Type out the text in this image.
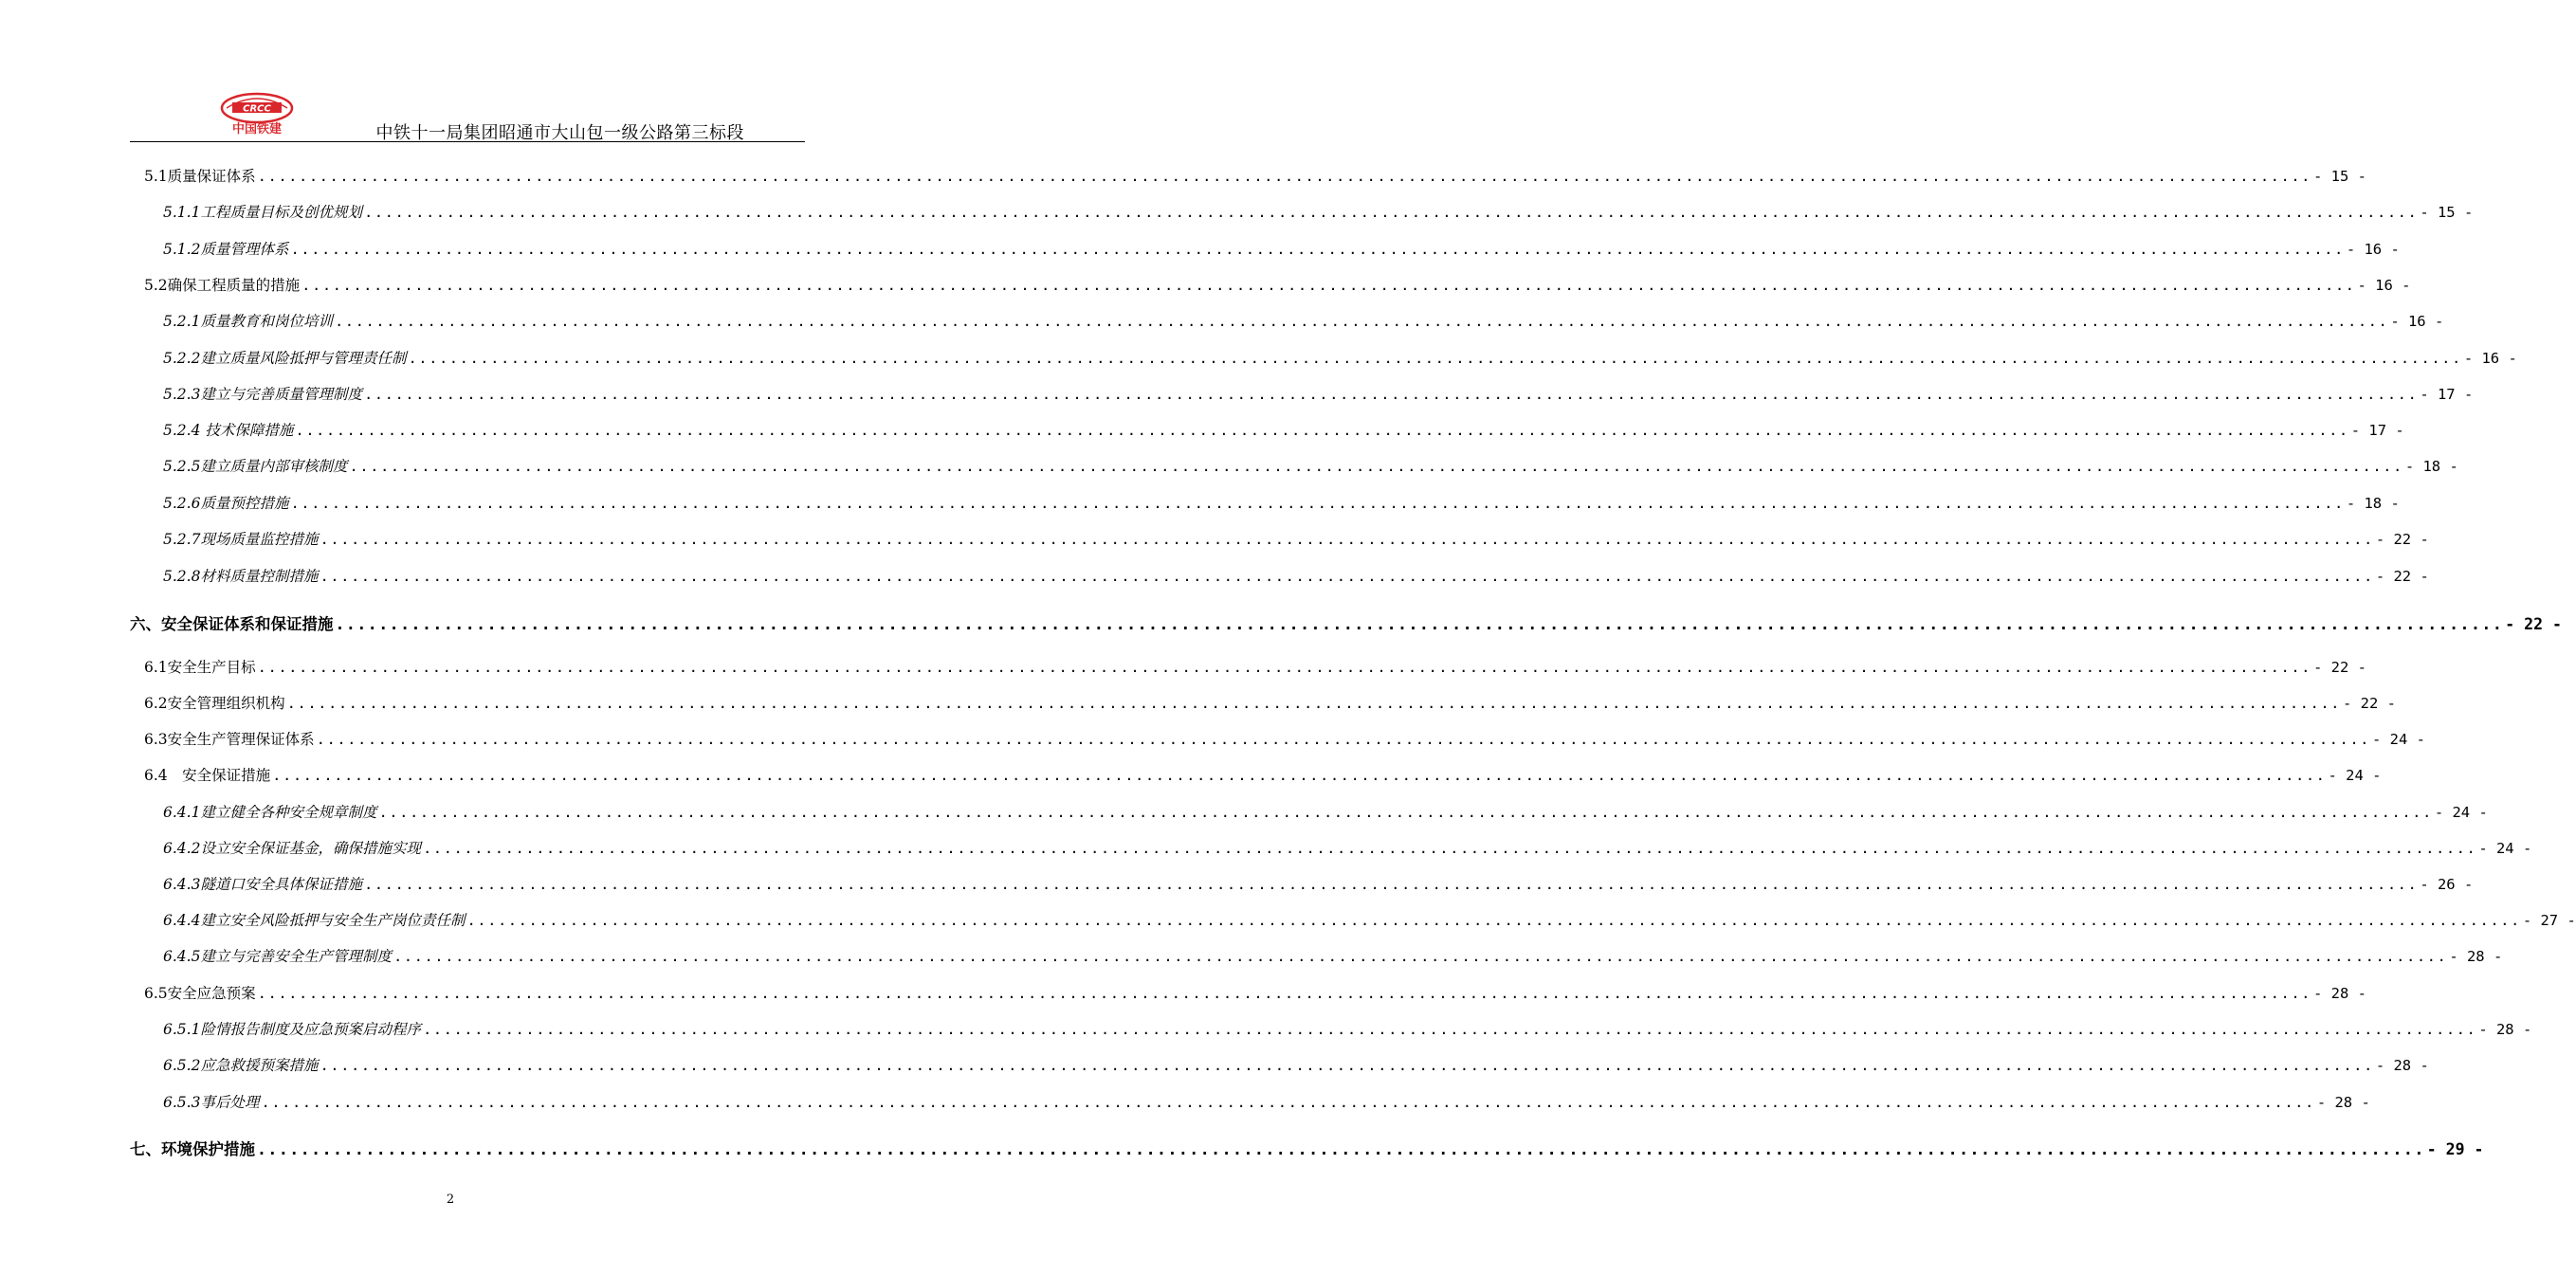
CRCC
中国铁建	中铁十一局集团昭通市大山包一级公路第三标段
5.1质量保证体系 ........................................................................................................................................................................................................ - 15 -
5.1.1工程质量目标及创优规划 ........................................................................................................................................................................................................ - 15 -
5.1.2质量管理体系 ........................................................................................................................................................................................................ - 16 -
5.2确保工程质量的措施 ........................................................................................................................................................................................................ - 16 -
5.2.1质量教育和岗位培训 ........................................................................................................................................................................................................ - 16 -
5.2.2建立质量风险抵押与管理责任制 ........................................................................................................................................................................................................ - 16 -
5.2.3建立与完善质量管理制度 ........................................................................................................................................................................................................ - 17 -
5.2.4 技术保障措施 ........................................................................................................................................................................................................ - 17 -
5.2.5建立质量内部审核制度 ........................................................................................................................................................................................................ - 18 -
5.2.6质量预控措施 ........................................................................................................................................................................................................ - 18 -
5.2.7现场质量监控措施 ........................................................................................................................................................................................................ - 22 -
5.2.8材料质量控制措施 ........................................................................................................................................................................................................ - 22 -
六、安全保证体系和保证措施 ........................................................................................................................................................................................................ - 22 -
6.1安全生产目标 ........................................................................................................................................................................................................ - 22 -
6.2安全管理组织机构 ........................................................................................................................................................................................................ - 22 -
6.3安全生产管理保证体系 ........................................................................................................................................................................................................ - 24 -
6.4　安全保证措施 ........................................................................................................................................................................................................ - 24 -
6.4.1建立健全各种安全规章制度 ........................................................................................................................................................................................................ - 24 -
6.4.2设立安全保证基金，确保措施实现 ........................................................................................................................................................................................................ - 24 -
6.4.3隧道口安全具体保证措施 ........................................................................................................................................................................................................ - 26 -
6.4.4建立安全风险抵押与安全生产岗位责任制 ........................................................................................................................................................................................................ - 27 -
6.4.5建立与完善安全生产管理制度 ........................................................................................................................................................................................................ - 28 -
6.5安全应急预案 ........................................................................................................................................................................................................ - 28 -
6.5.1险情报告制度及应急预案启动程序 ........................................................................................................................................................................................................ - 28 -
6.5.2应急救援预案措施 ........................................................................................................................................................................................................ - 28 -
6.5.3事后处理 ........................................................................................................................................................................................................ - 28 -
七、环境保护措施 ........................................................................................................................................................................................................ - 29 -
2
